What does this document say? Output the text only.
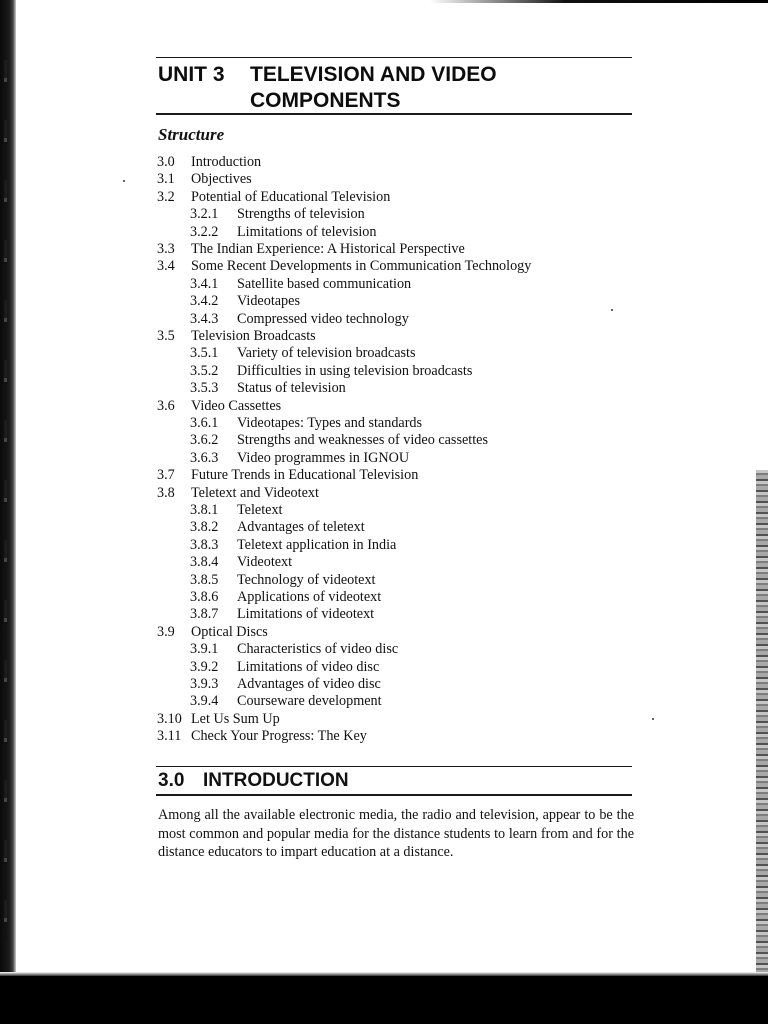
UNIT 3 TELEVISION AND VIDEO COMPONENTS
Structure
3.0 Introduction
3.1 Objectives
3.2 Potential of Educational Television
3.2.1 Strengths of television
3.2.2 Limitations of television
3.3 The Indian Experience: A Historical Perspective
3.4 Some Recent Developments in Communication Technology
3.4.1 Satellite based communication
3.4.2 Videotapes
3.4.3 Compressed video technology
3.5 Television Broadcasts
3.5.1 Variety of television broadcasts
3.5.2 Difficulties in using television broadcasts
3.5.3 Status of television
3.6 Video Cassettes
3.6.1 Videotapes: Types and standards
3.6.2 Strengths and weaknesses of video cassettes
3.6.3 Video programmes in IGNOU
3.7 Future Trends in Educational Television
3.8 Teletext and Videotext
3.8.1 Teletext
3.8.2 Advantages of teletext
3.8.3 Teletext application in India
3.8.4 Videotext
3.8.5 Technology of videotext
3.8.6 Applications of videotext
3.8.7 Limitations of videotext
3.9 Optical Discs
3.9.1 Characteristics of video disc
3.9.2 Limitations of video disc
3.9.3 Advantages of video disc
3.9.4 Courseware development
3.10 Let Us Sum Up
3.11 Check Your Progress: The Key
3.0 INTRODUCTION

Among all the available electronic media, the radio and television, appear to be the most common and popular media for the distance students to learn from and for the distance educators to impart education at a distance.
